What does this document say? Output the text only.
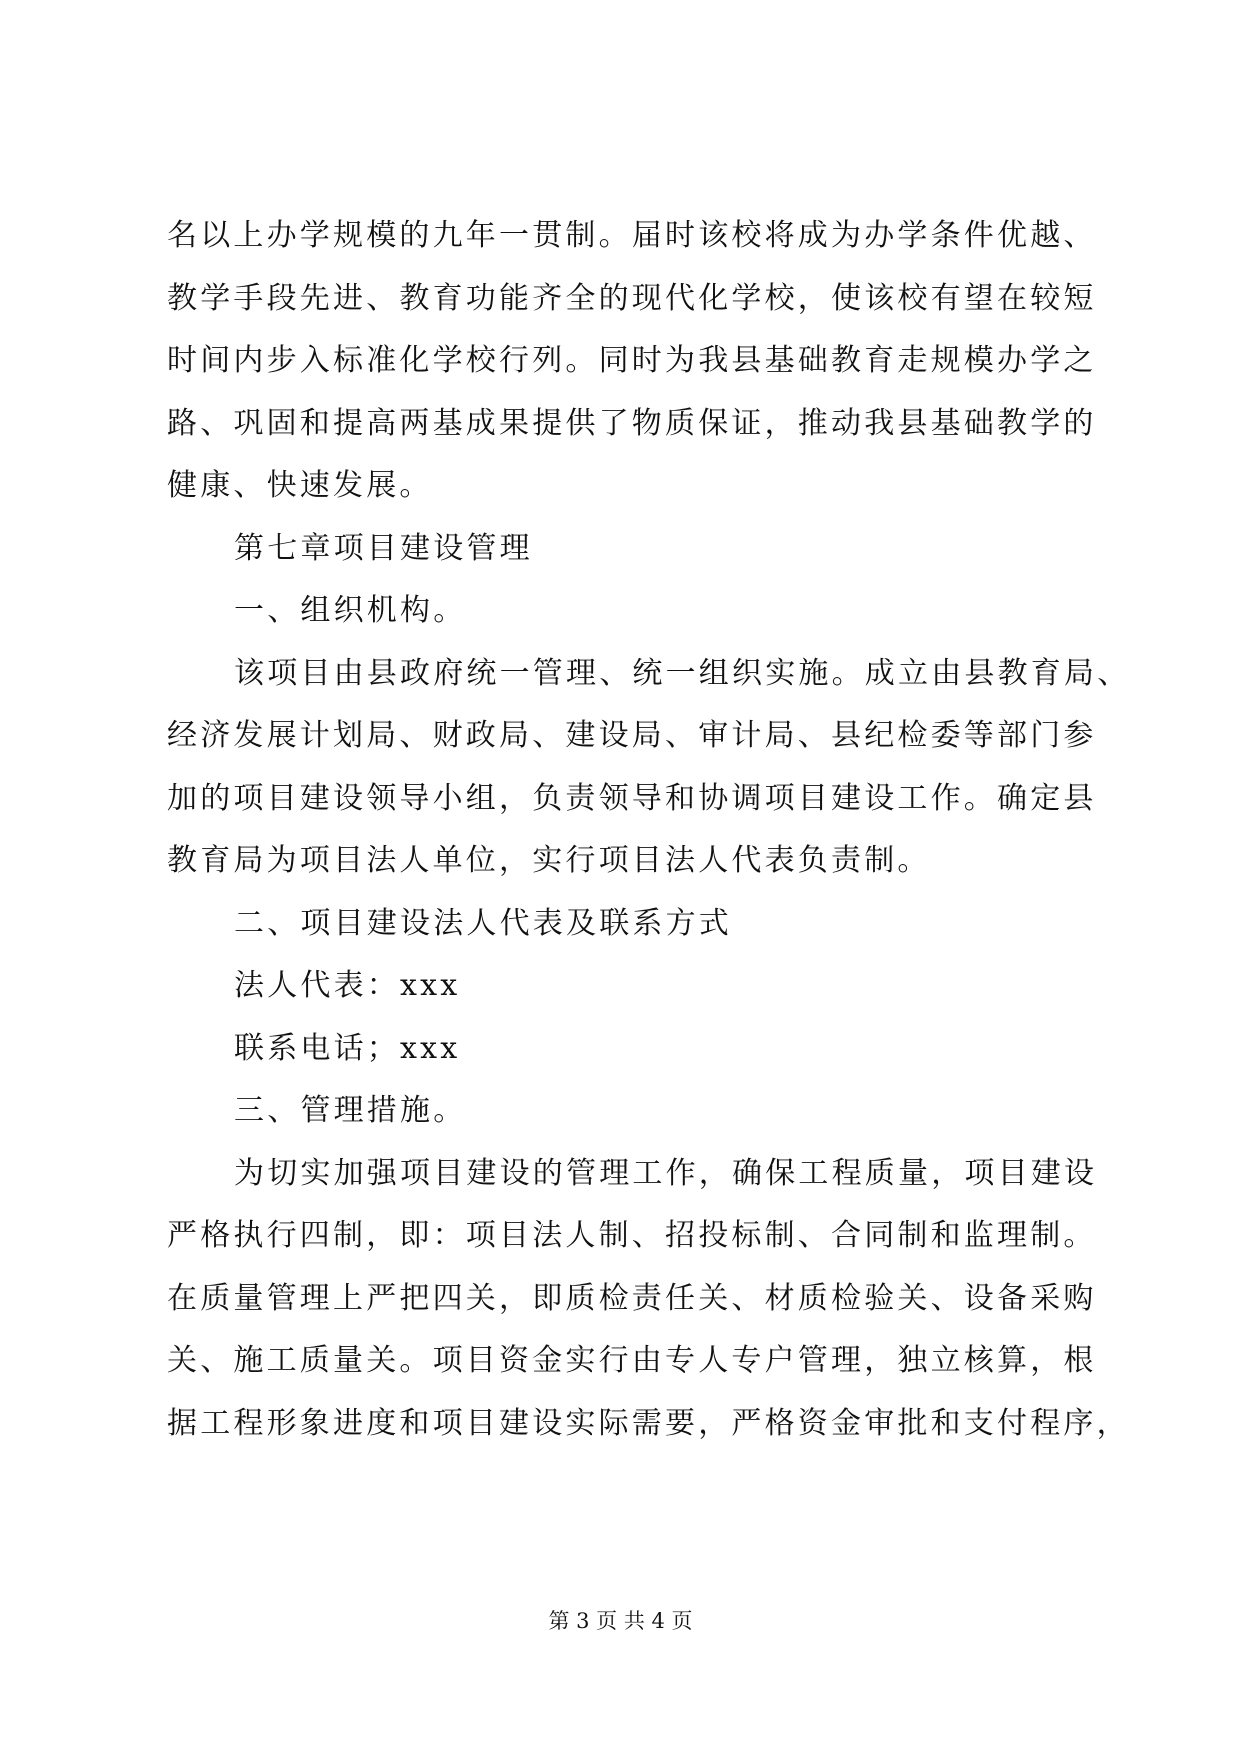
名以上办学规模的九年一贯制。届时该校将成为办学条件优越、
教学手段先进、教育功能齐全的现代化学校，使该校有望在较短
时间内步入标准化学校行列。同时为我县基础教育走规模办学之
路、巩固和提高两基成果提供了物质保证，推动我县基础教学的
健康、快速发展。
第七章项目建设管理
一、组织机构。
该项目由县政府统一管理、统一组织实施。成立由县教育局、
经济发展计划局、财政局、建设局、审计局、县纪检委等部门参
加的项目建设领导小组，负责领导和协调项目建设工作。确定县
教育局为项目法人单位，实行项目法人代表负责制。
二、项目建设法人代表及联系方式
法人代表：xxx
联系电话；xxx
三、管理措施。
为切实加强项目建设的管理工作，确保工程质量，项目建设
严格执行四制，即：项目法人制、招投标制、合同制和监理制。
在质量管理上严把四关，即质检责任关、材质检验关、设备采购
关、施工质量关。项目资金实行由专人专户管理，独立核算，根
据工程形象进度和项目建设实际需要，严格资金审批和支付程序，
第 3 页 共 4 页
